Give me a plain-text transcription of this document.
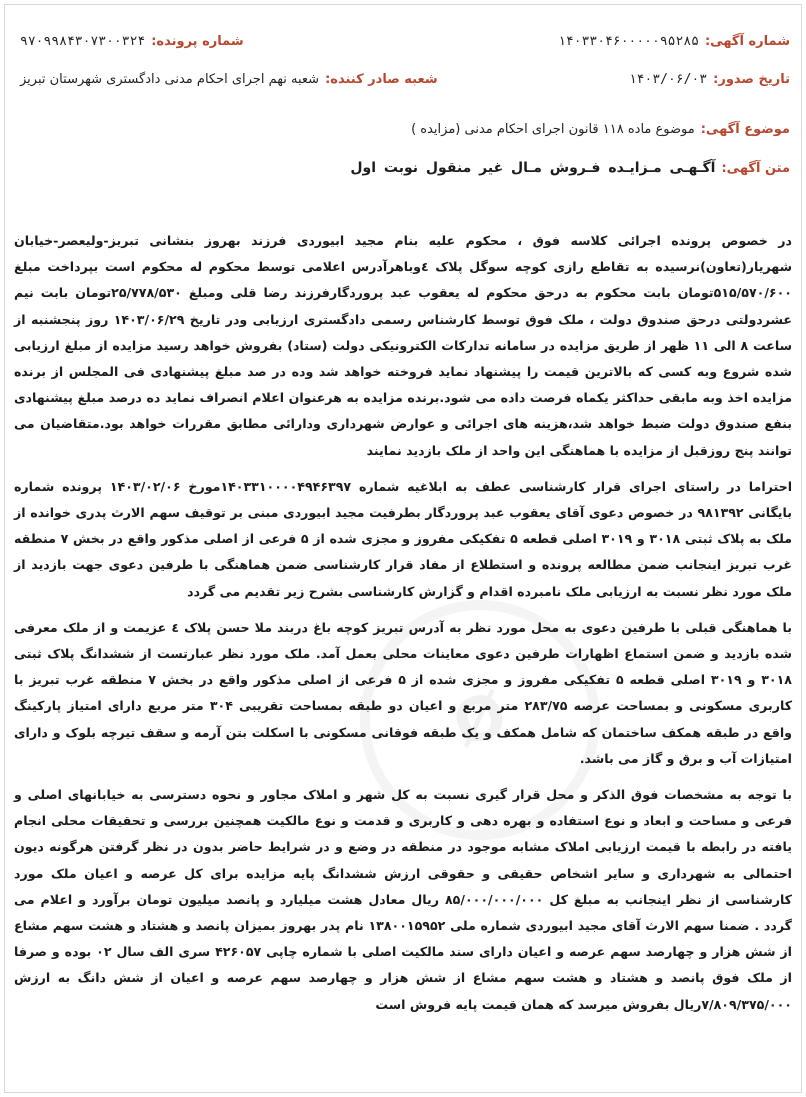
شماره آگهی:
۱۴۰۳۳۰۴۶۰۰۰۰۰۹۵۲۸۵
شماره پرونده:
۹۷۰۹۹۸۴۳۰۷۳۰۰۳۲۴
تاریخ صدور:
۱۴۰۳/۰۶/۰۳
شعبه صادر کننده:
شعبه نهم اجرای احکام مدنی دادگستری شهرستان تبریز
موضوع آگهی:
موضوع ماده ۱۱۸ قانون اجرای احکام مدنی (مزایده )
متن آگهی:
آگـهـی مـزایـده فـروش مـال غیر منقول نوبت اول
Ø

در خصوص پرونده اجرائی کلاسه فوق ، محکوم علیه بنام مجید ابیوردی فرزند بهروز بنشانی تبریز-ولیعصر-خیابان شهریار(تعاون)نرسیده به تقاطع رازی کوچه سوگل پلاک ٤وباهرآدرس اعلامی توسط محکوم له محکوم است بپرداخت مبلغ ۵۱۵/۵۷۰/۶۰۰تومان بابت محکوم به درحق محکوم له یعقوب عبد پروردگارفرزند رضا قلی ومبلغ ۲۵/۷۷۸/۵۳۰تومان بابت نیم عشردولتی درحق صندوق دولت ، ملک فوق توسط کارشناس رسمی دادگستری ارزیابی ودر تاریخ ۱۴۰۳/۰۶/۲۹ روز پنجشنبه از ساعت ۸ الی ۱۱ ظهر از طریق مزایده در سامانه تدارکات الکترونیکی دولت (ستاد) بفروش خواهد رسید مزایده از مبلغ ارزیابی شده شروع وبه کسی که بالاترین قیمت را پیشنهاد نماید فروخته خواهد شد وده در صد مبلغ پیشنهادی فی المجلس از برنده مزایده اخذ وبه مابقی حداکثر یکماه فرصت داده می شود.برنده مزایده به هرعنوان اعلام انصراف نماید ده درصد مبلغ پیشنهادی بنفع صندوق دولت ضبط خواهد شد،هزینه های اجرائی و عوارض شهرداری ودارائی مطابق مقررات خواهد بود.متقاضیان می توانند پنج روزقبل از مزایده با هماهنگی این واحد از ملک بازدید نمایند

احتراما در راستای اجرای قرار کارشناسی عطف به ابلاغیه شماره ۱۴۰۳۳۱۰۰۰۰۴۹۴۶۳۹۷مورخ ۱۴۰۳/۰۲/۰۶ پرونده شماره بایگانی ۹۸۱۳۹۲ در خصوص دعوی آقای یعقوب عبد پروردگار بطرفیت مجید ابیوردی مبنی بر توقیف سهم الارث پدری خوانده از ملک به پلاک ثبتی ۳۰۱۸ و ۳۰۱۹ اصلی قطعه ۵ تفکیکی مفروز و مجزی شده از ۵ فرعی از اصلی مذکور واقع در بخش ۷ منطقه غرب تبریز اینجانب ضمن مطالعه پرونده و استطلاع از مفاد قرار کارشناسی ضمن هماهنگی با طرفین دعوی جهت بازدید از ملک مورد نظر نسبت به ارزیابی ملک نامبرده اقدام و گزارش کارشناسی بشرح زیر تقدیم می گردد

با هماهنگی قبلی با طرفین دعوی به محل مورد نظر به آدرس تبریز کوچه باغ دربند ملا حسن پلاک ٤ عزیمت و از ملک معرفی شده بازدید و ضمن استماع اظهارات طرفین دعوی معاینات محلی بعمل آمد. ملک مورد نظر عبارتست از ششدانگ پلاک ثبتی ۳۰۱۸ و ۳۰۱۹ اصلی قطعه ۵ تفکیکی مفروز و مجزی شده از ۵ فرعی از اصلی مذکور واقع در بخش ۷ منطقه غرب تبریز با کاربری مسکونی و بمساحت عرصه ۲۸۳/۷۵ متر مربع و اعیان دو طبقه بمساحت تقریبی ۳۰۴ متر مربع دارای امتیاز پارکینگ واقع در طبقه همکف ساختمان که شامل همکف و یک طبقه فوقانی مسکونی با اسکلت بتن آرمه و سقف تیرچه بلوک و دارای امتیازات آب و برق و گاز می باشد.

با توجه به مشخصات فوق الذکر و محل قرار گیری نسبت به کل شهر و املاک مجاور و نحوه دسترسی به خیابانهای اصلی و فرعی و مساحت و ابعاد و نوع استفاده و بهره دهی و کاربری و قدمت و نوع مالکیت همچنین بررسی و تحقیقات محلی انجام یافته در رابطه با قیمت ارزیابی املاک مشابه موجود در منطقه در وضع و در شرایط حاضر بدون در نظر گرفتن هرگونه دیون احتمالی به شهرداری و سایر اشخاص حقیقی و حقوقی ارزش ششدانگ پایه مزایده برای کل عرصه و اعیان ملک مورد کارشناسی از نظر اینجانب به مبلغ کل ۸۵/۰۰۰/۰۰۰/۰۰۰ ریال معادل هشت میلیارد و پانصد میلیون تومان برآورد و اعلام می گردد . ضمنا سهم الارث آقای مجید ابیوردی شماره ملی ۱۳۸۰۰۱۵۹۵۲ نام پدر بهروز بمیزان پانصد و هشتاد و هشت سهم مشاع از شش هزار و چهارصد سهم عرصه و اعیان دارای سند مالکیت اصلی با شماره چاپی ۴۲۶۰۵۷ سری الف سال ۰۲ بوده و صرفا از ملک فوق پانصد و هشتاد و هشت سهم مشاع از شش هزار و چهارصد سهم عرصه و اعیان از شش دانگ به ارزش ۷/۸۰۹/۳۷۵/۰۰۰ریال بفروش میرسد که همان قیمت پایه فروش است
